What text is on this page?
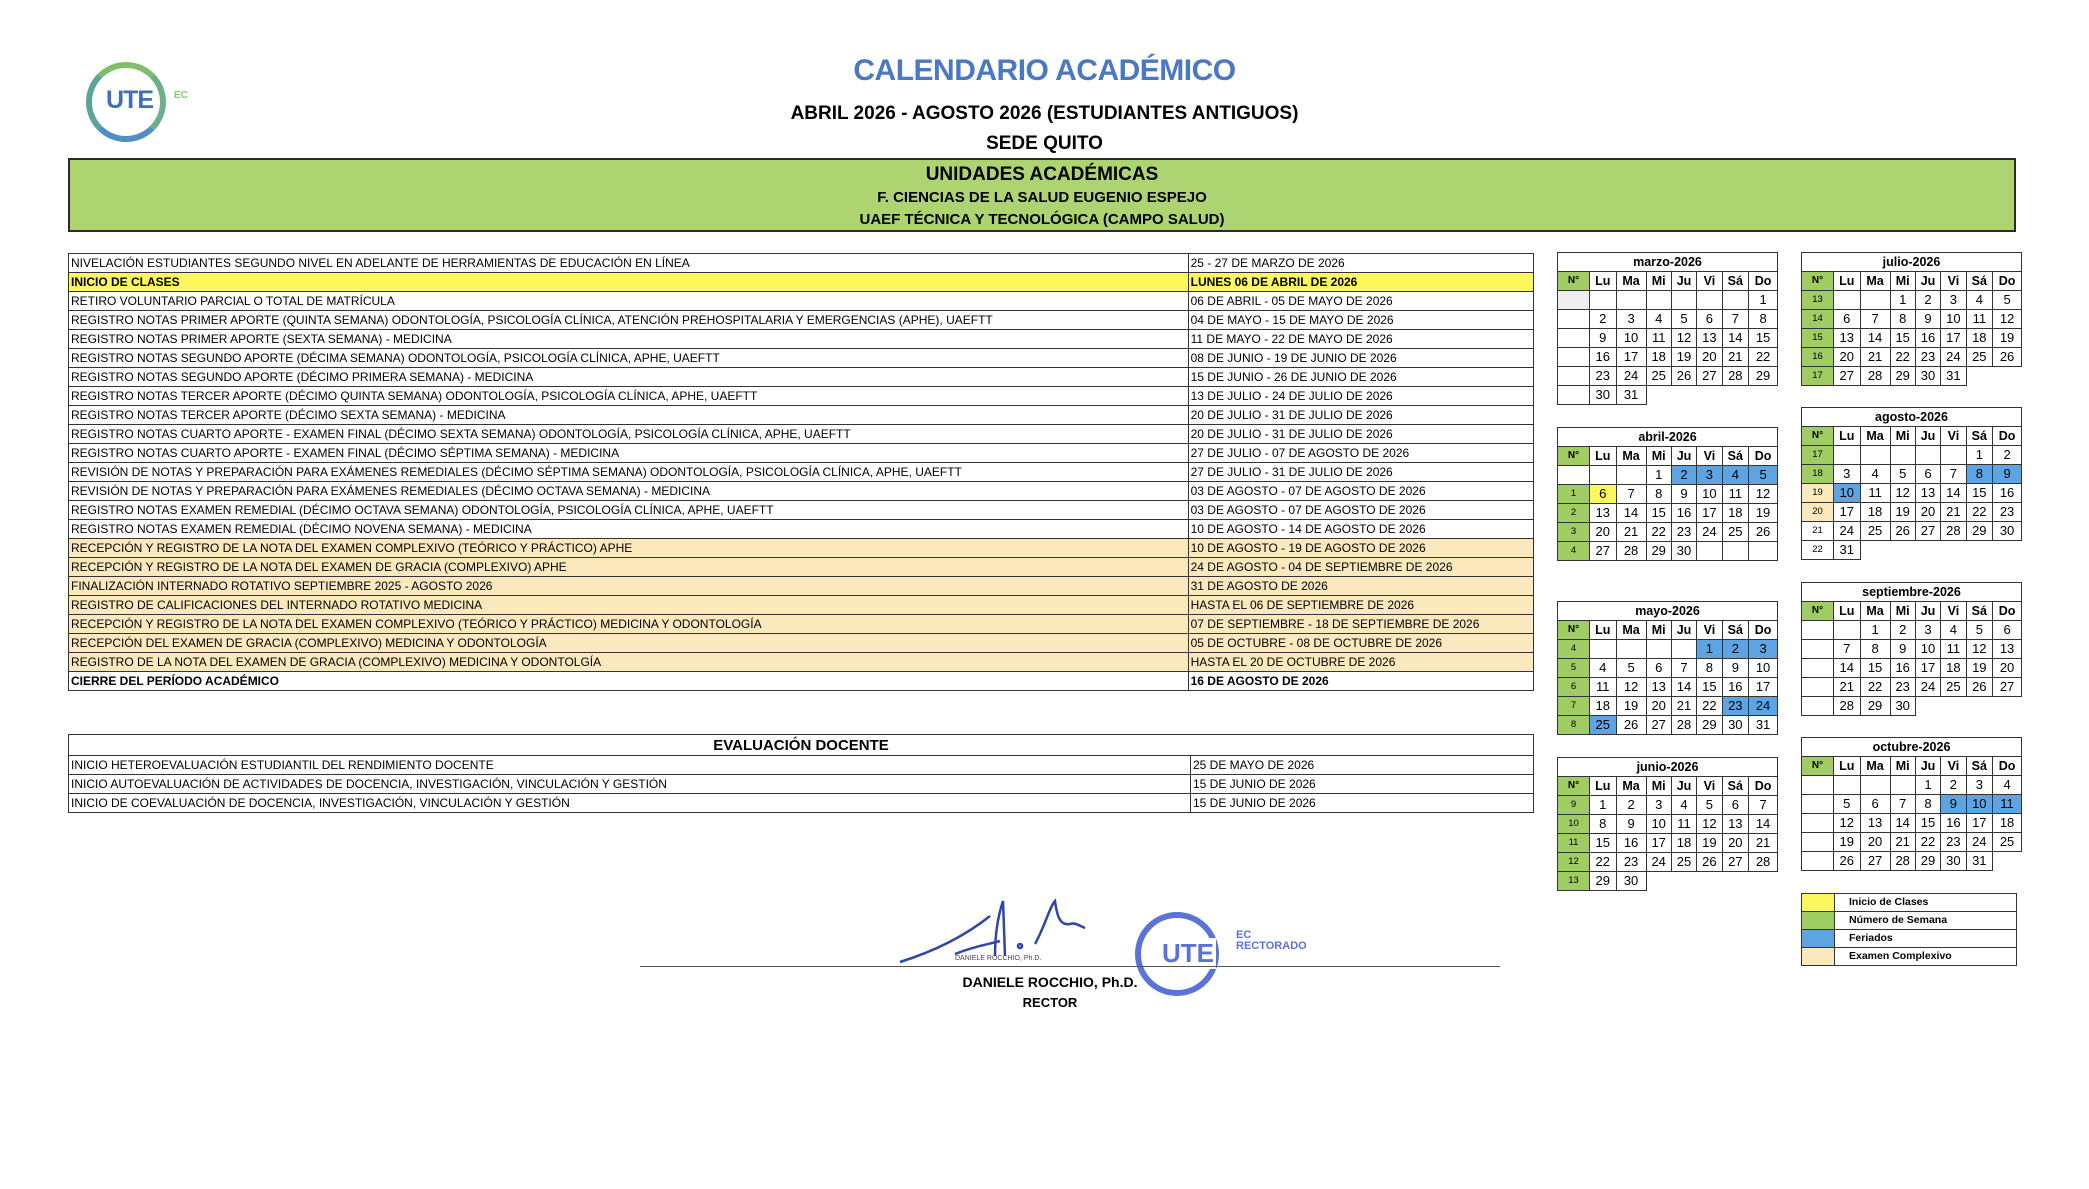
UTE EC
CALENDARIO ACADÉMICO
ABRIL 2026 - AGOSTO 2026 (ESTUDIANTES ANTIGUOS)
SEDE QUITO
UNIDADES ACADÉMICAS
F. CIENCIAS DE LA SALUD EUGENIO ESPEJO
UAEF TÉCNICA Y TECNOLÓGICA (CAMPO SALUD)
NIVELACIÓN ESTUDIANTES SEGUNDO NIVEL EN ADELANTE DE HERRAMIENTAS DE EDUCACIÓN EN LÍNEA	25 - 27 DE MARZO DE 2026
INICIO DE CLASES	LUNES 06 DE ABRIL DE 2026
RETIRO VOLUNTARIO PARCIAL O TOTAL DE MATRÍCULA	06 DE ABRIL - 05 DE MAYO DE 2026
REGISTRO NOTAS PRIMER APORTE (QUINTA SEMANA) ODONTOLOGÍA, PSICOLOGÍA CLÍNICA, ATENCIÓN PREHOSPITALARIA Y EMERGENCIAS (APHE), UAEFTT	04 DE MAYO - 15 DE MAYO DE 2026
REGISTRO NOTAS PRIMER APORTE (SEXTA SEMANA) - MEDICINA	11 DE MAYO - 22 DE MAYO DE 2026
REGISTRO NOTAS SEGUNDO APORTE (DÉCIMA SEMANA) ODONTOLOGÍA, PSICOLOGÍA CLÍNICA, APHE, UAEFTT	08 DE JUNIO - 19 DE JUNIO DE 2026
REGISTRO NOTAS SEGUNDO APORTE (DÉCIMO PRIMERA SEMANA) - MEDICINA	15 DE JUNIO - 26 DE JUNIO DE 2026
REGISTRO NOTAS TERCER APORTE (DÉCIMO QUINTA SEMANA) ODONTOLOGÍA, PSICOLOGÍA CLÍNICA, APHE, UAEFTT	13 DE JULIO - 24 DE JULIO DE 2026
REGISTRO NOTAS TERCER APORTE (DÉCIMO SEXTA SEMANA) - MEDICINA	20 DE JULIO - 31 DE JULIO DE 2026
REGISTRO NOTAS CUARTO APORTE - EXAMEN FINAL (DÉCIMO SEXTA SEMANA) ODONTOLOGÍA, PSICOLOGÍA CLÍNICA, APHE, UAEFTT	20 DE JULIO - 31 DE JULIO DE 2026
REGISTRO NOTAS CUARTO APORTE - EXAMEN FINAL (DÉCIMO SÉPTIMA SEMANA) - MEDICINA	27 DE JULIO - 07 DE AGOSTO DE 2026
REVISIÓN DE NOTAS Y PREPARACIÓN PARA EXÁMENES REMEDIALES (DÉCIMO SÉPTIMA SEMANA) ODONTOLOGÍA, PSICOLOGÍA CLÍNICA, APHE, UAEFTT	27 DE JULIO - 31 DE JULIO DE 2026
REVISIÓN DE NOTAS Y PREPARACIÓN PARA EXÁMENES REMEDIALES (DÉCIMO OCTAVA SEMANA) - MEDICINA	03 DE AGOSTO - 07 DE AGOSTO DE 2026
REGISTRO NOTAS EXAMEN REMEDIAL (DÉCIMO OCTAVA SEMANA) ODONTOLOGÍA, PSICOLOGÍA CLÍNICA, APHE, UAEFTT	03 DE AGOSTO - 07 DE AGOSTO DE 2026
REGISTRO NOTAS EXAMEN REMEDIAL (DÉCIMO NOVENA SEMANA) - MEDICINA	10 DE AGOSTO - 14 DE AGOSTO DE 2026
RECEPCIÓN Y REGISTRO DE LA NOTA DEL EXAMEN COMPLEXIVO (TEÓRICO Y PRÁCTICO) APHE	10 DE AGOSTO - 19 DE AGOSTO DE 2026
RECEPCIÓN Y REGISTRO DE LA NOTA DEL EXAMEN DE GRACIA (COMPLEXIVO) APHE	24 DE AGOSTO - 04 DE SEPTIEMBRE DE 2026
FINALIZACIÓN INTERNADO ROTATIVO SEPTIEMBRE 2025 - AGOSTO 2026	31 DE AGOSTO DE 2026
REGISTRO DE CALIFICACIONES DEL INTERNADO ROTATIVO MEDICINA	HASTA EL 06 DE SEPTIEMBRE DE 2026
RECEPCIÓN Y REGISTRO DE LA NOTA DEL EXAMEN COMPLEXIVO (TEÓRICO Y PRÁCTICO) MEDICINA Y ODONTOLOGÍA	07 DE SEPTIEMBRE - 18 DE SEPTIEMBRE DE 2026
RECEPCIÓN DEL EXAMEN DE GRACIA (COMPLEXIVO) MEDICINA Y ODONTOLOGÍA	05 DE OCTUBRE - 08 DE OCTUBRE DE 2026
REGISTRO DE LA NOTA DEL EXAMEN DE GRACIA (COMPLEXIVO) MEDICINA Y ODONTOLGÍA	HASTA EL 20 DE OCTUBRE DE 2026
CIERRE DEL PERÍODO ACADÉMICO	16 DE AGOSTO DE 2026
EVALUACIÓN DOCENTE	
INICIO HETEROEVALUACIÓN ESTUDIANTIL DEL RENDIMIENTO DOCENTE	25 DE MAYO DE 2026
INICIO AUTOEVALUACIÓN DE ACTIVIDADES DE DOCENCIA, INVESTIGACIÓN, VINCULACIÓN Y GESTIÓN	15 DE JUNIO DE 2026
INICIO DE COEVALUACIÓN DE DOCENCIA, INVESTIGACIÓN, VINCULACIÓN Y GESTIÓN	15 DE JUNIO DE 2026
marzo-2026							
N°	Lu	Ma	Mi	Ju	Vi	Sá	Do
							1
	2	3	4	5	6	7	8
	9	10	11	12	13	14	15
	16	17	18	19	20	21	22
	23	24	25	26	27	28	29
	30	31					
abril-2026							
N°	Lu	Ma	Mi	Ju	Vi	Sá	Do
			1	2	3	4	5
1	6	7	8	9	10	11	12
2	13	14	15	16	17	18	19
3	20	21	22	23	24	25	26
4	27	28	29	30			
mayo-2026							
N°	Lu	Ma	Mi	Ju	Vi	Sá	Do
4					1	2	3
5	4	5	6	7	8	9	10
6	11	12	13	14	15	16	17
7	18	19	20	21	22	23	24
8	25	26	27	28	29	30	31
junio-2026							
N°	Lu	Ma	Mi	Ju	Vi	Sá	Do
9	1	2	3	4	5	6	7
10	8	9	10	11	12	13	14
11	15	16	17	18	19	20	21
12	22	23	24	25	26	27	28
13	29	30					
julio-2026							
N°	Lu	Ma	Mi	Ju	Vi	Sá	Do
13			1	2	3	4	5
14	6	7	8	9	10	11	12
15	13	14	15	16	17	18	19
16	20	21	22	23	24	25	26
17	27	28	29	30	31		
agosto-2026							
N°	Lu	Ma	Mi	Ju	Vi	Sá	Do
17						1	2
18	3	4	5	6	7	8	9
19	10	11	12	13	14	15	16
20	17	18	19	20	21	22	23
21	24	25	26	27	28	29	30
22	31						
septiembre-2026							
N°	Lu	Ma	Mi	Ju	Vi	Sá	Do
		1	2	3	4	5	6
	7	8	9	10	11	12	13
	14	15	16	17	18	19	20
	21	22	23	24	25	26	27
	28	29	30				
octubre-2026							
N°	Lu	Ma	Mi	Ju	Vi	Sá	Do
				1	2	3	4
	5	6	7	8	9	10	11
	12	13	14	15	16	17	18
	19	20	21	22	23	24	25
	26	27	28	29	30	31	
	Inicio de Clases
	Número de Semana
	Feriados
	Examen Complexivo
DANIELE ROCCHIO, Ph.D.	UTE
EC
RECTORADO
DANIELE ROCCHIO, Ph.D.
RECTOR
